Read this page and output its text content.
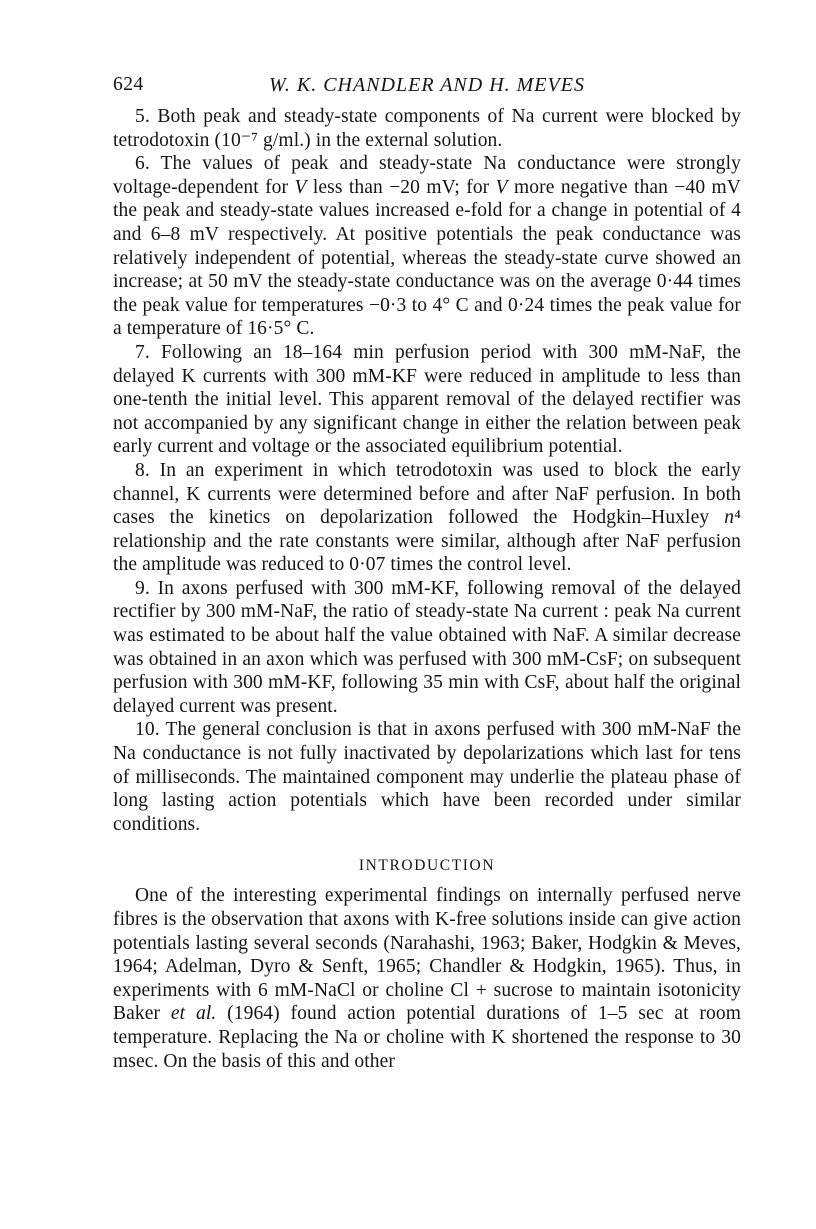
624	W. K. CHANDLER AND H. MEVES

5. Both peak and steady-state components of Na current were blocked by tetrodotoxin (10⁻⁷ g/ml.) in the external solution.

6. The values of peak and steady-state Na conductance were strongly voltage-dependent for V less than −20 mV; for V more negative than −40 mV the peak and steady-state values increased e-fold for a change in potential of 4 and 6–8 mV respectively. At positive potentials the peak conductance was relatively independent of potential, whereas the steady-state curve showed an increase; at 50 mV the steady-state conductance was on the average 0·44 times the peak value for temperatures −0·3 to 4° C and 0·24 times the peak value for a temperature of 16·5° C.

7. Following an 18–164 min perfusion period with 300 mM-NaF, the delayed K currents with 300 mM-KF were reduced in amplitude to less than one-tenth the initial level. This apparent removal of the delayed rectifier was not accompanied by any significant change in either the relation between peak early current and voltage or the associated equilibrium potential.

8. In an experiment in which tetrodotoxin was used to block the early channel, K currents were determined before and after NaF perfusion. In both cases the kinetics on depolarization followed the Hodgkin–Huxley n⁴ relationship and the rate constants were similar, although after NaF perfusion the amplitude was reduced to 0·07 times the control level.

9. In axons perfused with 300 mM-KF, following removal of the delayed rectifier by 300 mM-NaF, the ratio of steady-state Na current : peak Na current was estimated to be about half the value obtained with NaF. A similar decrease was obtained in an axon which was perfused with 300 mM-CsF; on subsequent perfusion with 300 mM-KF, following 35 min with CsF, about half the original delayed current was present.

10. The general conclusion is that in axons perfused with 300 mM-NaF the Na conductance is not fully inactivated by depolarizations which last for tens of milliseconds. The maintained component may underlie the plateau phase of long lasting action potentials which have been recorded under similar conditions.

INTRODUCTION

One of the interesting experimental findings on internally perfused nerve fibres is the observation that axons with K-free solutions inside can give action potentials lasting several seconds (Narahashi, 1963; Baker, Hodgkin & Meves, 1964; Adelman, Dyro & Senft, 1965; Chandler & Hodgkin, 1965). Thus, in experiments with 6 mM-NaCl or choline Cl + sucrose to maintain isotonicity Baker et al. (1964) found action potential durations of 1–5 sec at room temperature. Replacing the Na or choline with K shortened the response to 30 msec. On the basis of this and other
